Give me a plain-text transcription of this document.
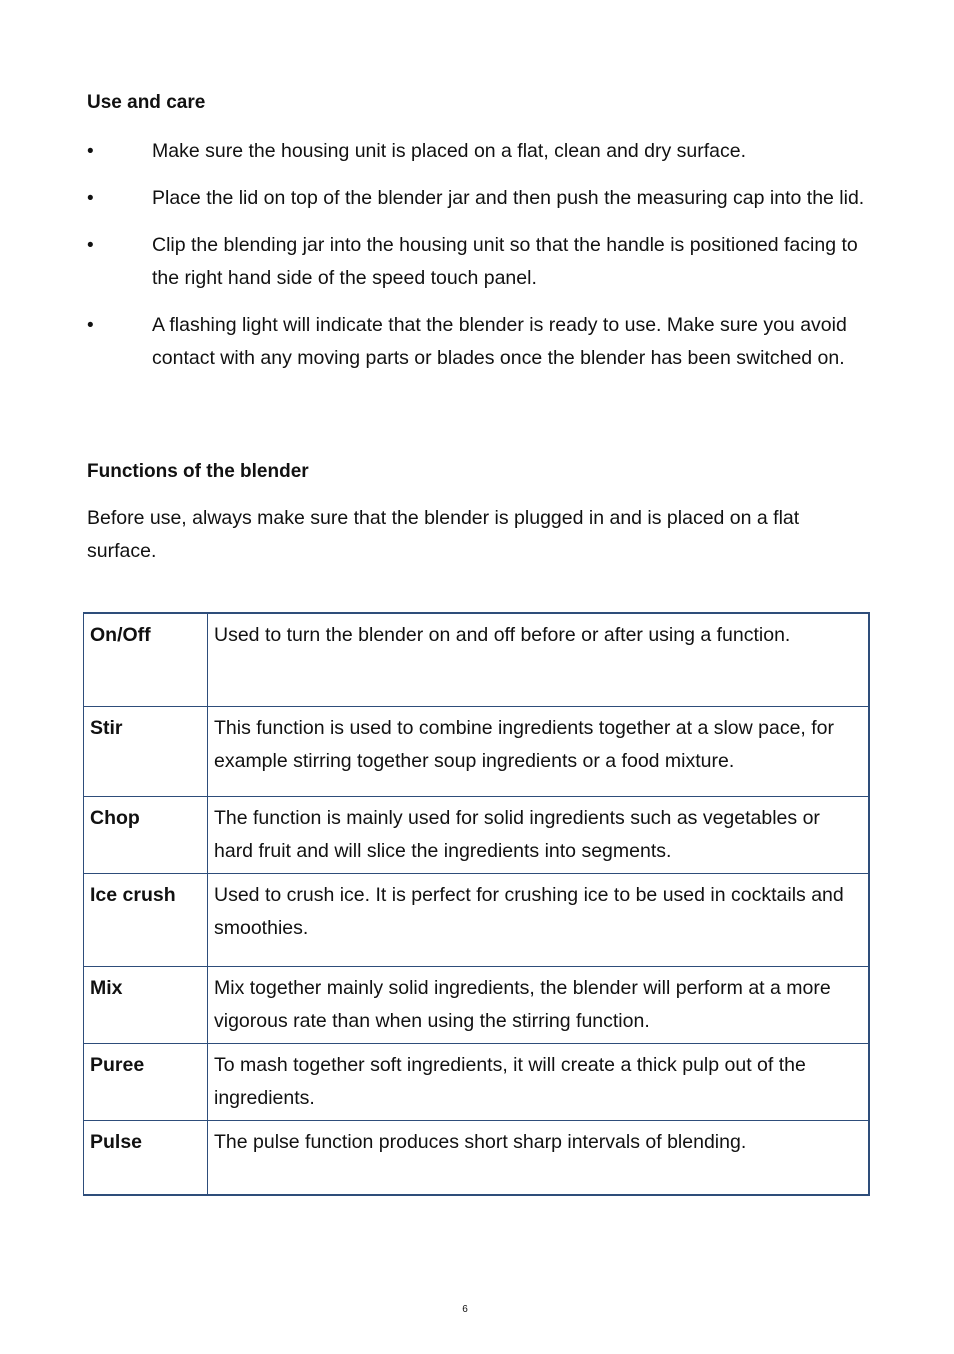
Use and care
•	Make sure the housing unit is placed on a flat, clean and dry surface.
•	Place the lid on top of the blender jar and then push the measuring cap into the lid.
•	Clip the blending jar into the housing unit so that the handle is positioned facing to the right hand side of the speed touch panel.
•	A flashing light will indicate that the blender is ready to use. Make sure you avoid contact with any moving parts or blades once the blender has been switched on.
Functions of the blender
Before use, always make sure that the blender is plugged in and is placed on a flat surface.
On/Off	Used to turn the blender on and off before or after using a function.
Stir	This function is used to combine ingredients together at a slow pace, for example stirring together soup ingredients or a food mixture.
Chop	The function is mainly used for solid ingredients such as vegetables or hard fruit and will slice the ingredients into segments.
Ice crush	Used to crush ice. It is perfect for crushing ice to be used in cocktails and smoothies.
Mix	Mix together mainly solid ingredients, the blender will perform at a more vigorous rate than when using the stirring function.
Puree	To mash together soft ingredients, it will create a thick pulp out of the ingredients.
Pulse	The pulse function produces short sharp intervals of blending.
6
